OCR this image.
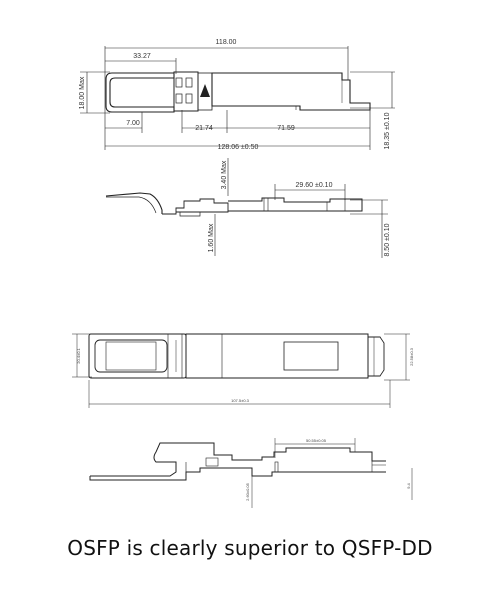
118.00
33.27
18.00 Max
7.00
21.74	71.59
128.06 ±0.50	18.35 ±0.10
3.40 Max	29.60 ±0.10
1.60 Max	8.50 ±0.10
20.4±0.1	22.58±0.3
107.5±0.3
50.55±0.05
2.60±0.05	9.4
OSFP is clearly superior to QSFP-DD
